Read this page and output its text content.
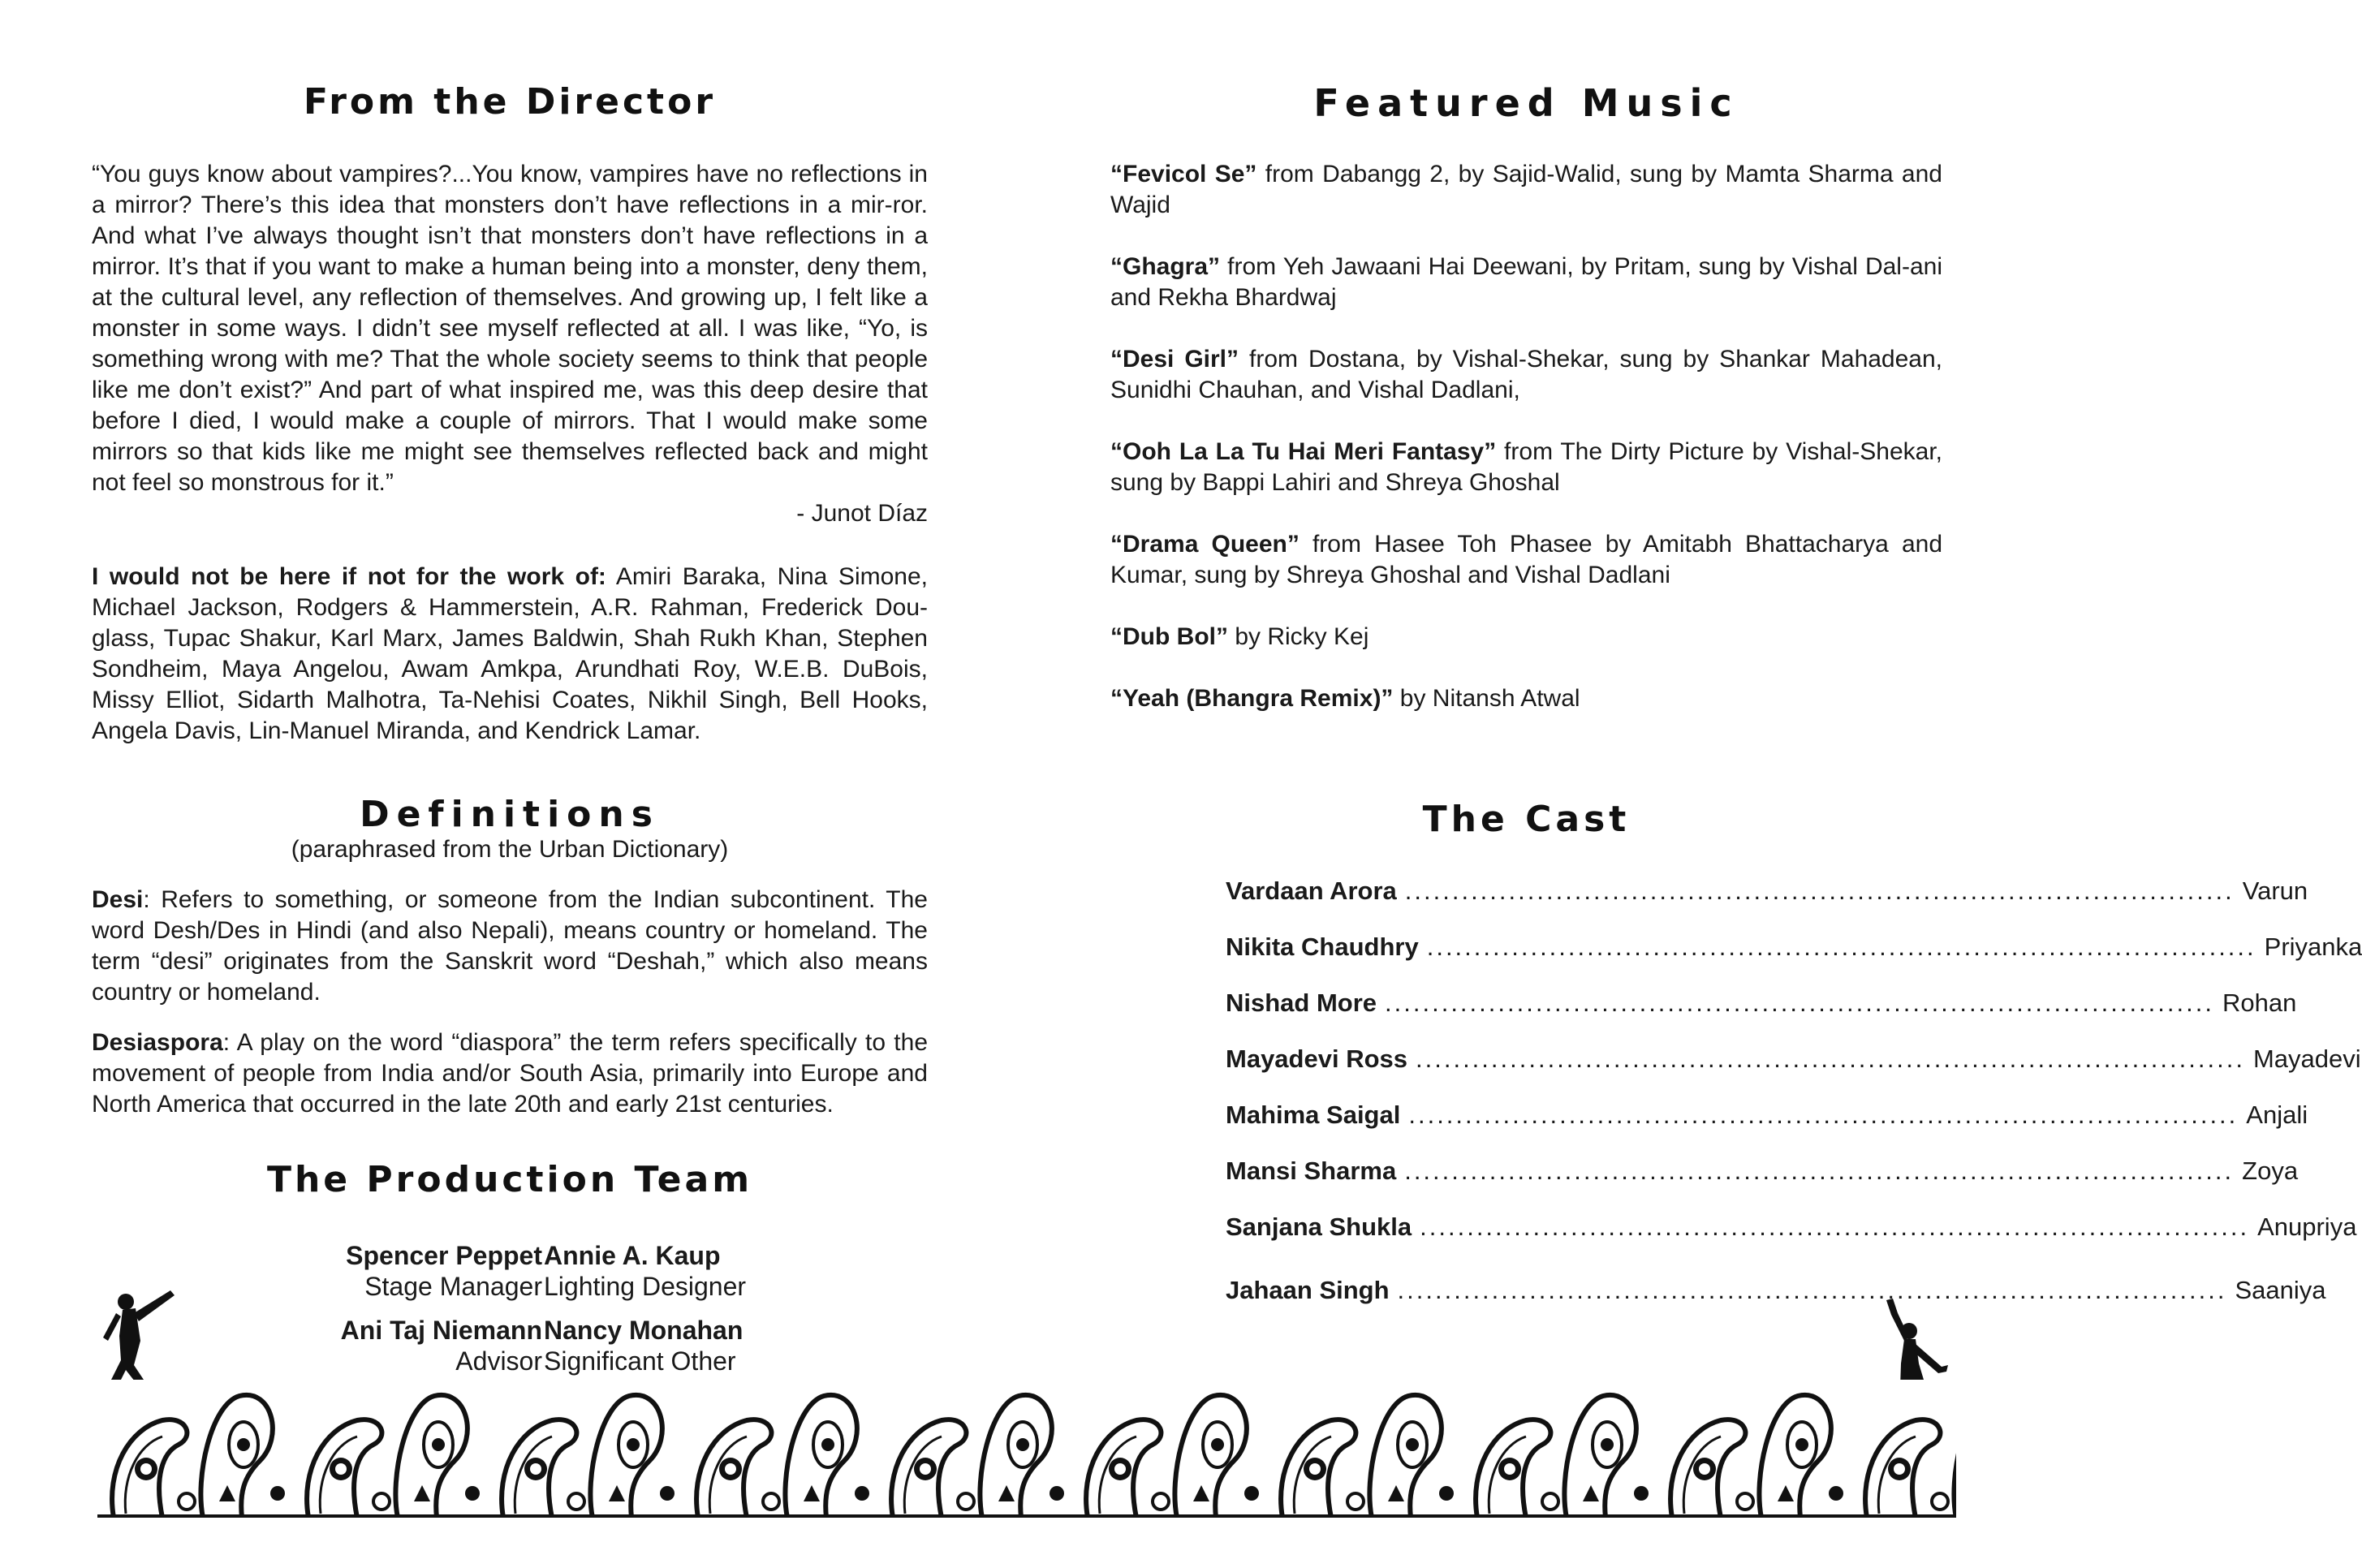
From the Director

“You guys know about vampires?...You know, vampires have no reflections in a mirror? There’s this idea that monsters don’t have reflections in a mir-ror. And what I’ve always thought isn’t that monsters don’t have reflections in a mirror. It’s that if you want to make a human being into a monster, deny them, at the cultural level, any reflection of themselves. And growing up, I felt like a monster in some ways. I didn’t see myself reflected at all. I was like, “Yo, is something wrong with me? That the whole society seems to think that people like me don’t exist?” And part of what inspired me, was this deep desire that before I died, I would make a couple of mirrors. That I would make some mirrors so that kids like me might see themselves reflected back and might not feel so monstrous for it.”

- Junot Díaz

I would not be here if not for the work of: Amiri Baraka, Nina Simone, Michael Jackson, Rodgers & Hammerstein, A.R. Rahman, Frederick Dou-glass, Tupac Shakur, Karl Marx, James Baldwin, Shah Rukh Khan, Stephen Sondheim, Maya Angelou, Awam Amkpa, Arundhati Roy, W.E.B. DuBois, Missy Elliot, Sidarth Malhotra, Ta-Nehisi Coates, Nikhil Singh, Bell Hooks, Angela Davis, Lin-Manuel Miranda, and Kendrick Lamar.

Definitions
(paraphrased from the Urban Dictionary)

Desi: Refers to something, or someone from the Indian subcontinent. The word Desh/Des in Hindi (and also Nepali), means country or homeland. The term “desi” originates from the Sanskrit word “Deshah,” which also means country or homeland.

Desiaspora: A play on the word “diaspora” the term refers specifically to the movement of people from India and/or South Asia, primarily into Europe and North America that occurred in the late 20th and early 21st centuries.

The Production Team
Spencer Peppet
Stage Manager
Annie A. Kaup
Lighting Designer
Ani Taj Niemann
Advisor
Nancy Monahan
Significant Other
Featured Music

“Fevicol Se” from Dabangg 2, by Sajid-Walid, sung by Mamta Sharma and Wajid

“Ghagra” from Yeh Jawaani Hai Deewani, by Pritam, sung by Vishal Dal-ani and Rekha Bhardwaj

“Desi Girl” from Dostana, by Vishal-Shekar, sung by Shankar Mahadean, Sunidhi Chauhan, and Vishal Dadlani,

“Ooh La La Tu Hai Meri Fantasy” from The Dirty Picture by Vishal-Shekar, sung by Bappi Lahiri and Shreya Ghoshal

“Drama Queen” from Hasee Toh Phasee by Amitabh Bhattacharya and Kumar, sung by Shreya Ghoshal and Vishal Dadlani

“Dub Bol” by Ricky Kej

“Yeah (Bhangra Remix)” by Nitansh Atwal

The Cast
Vardaan Arora ........................................................................................ Varun
Nikita Chaudhry ........................................................................................ Priyanka
Nishad More ........................................................................................ Rohan
Mayadevi Ross ........................................................................................ Mayadevi
Mahima Saigal ........................................................................................ Anjali
Mansi Sharma ........................................................................................ Zoya
Sanjana Shukla ........................................................................................ Anupriya
Jahaan Singh ........................................................................................ Saaniya
